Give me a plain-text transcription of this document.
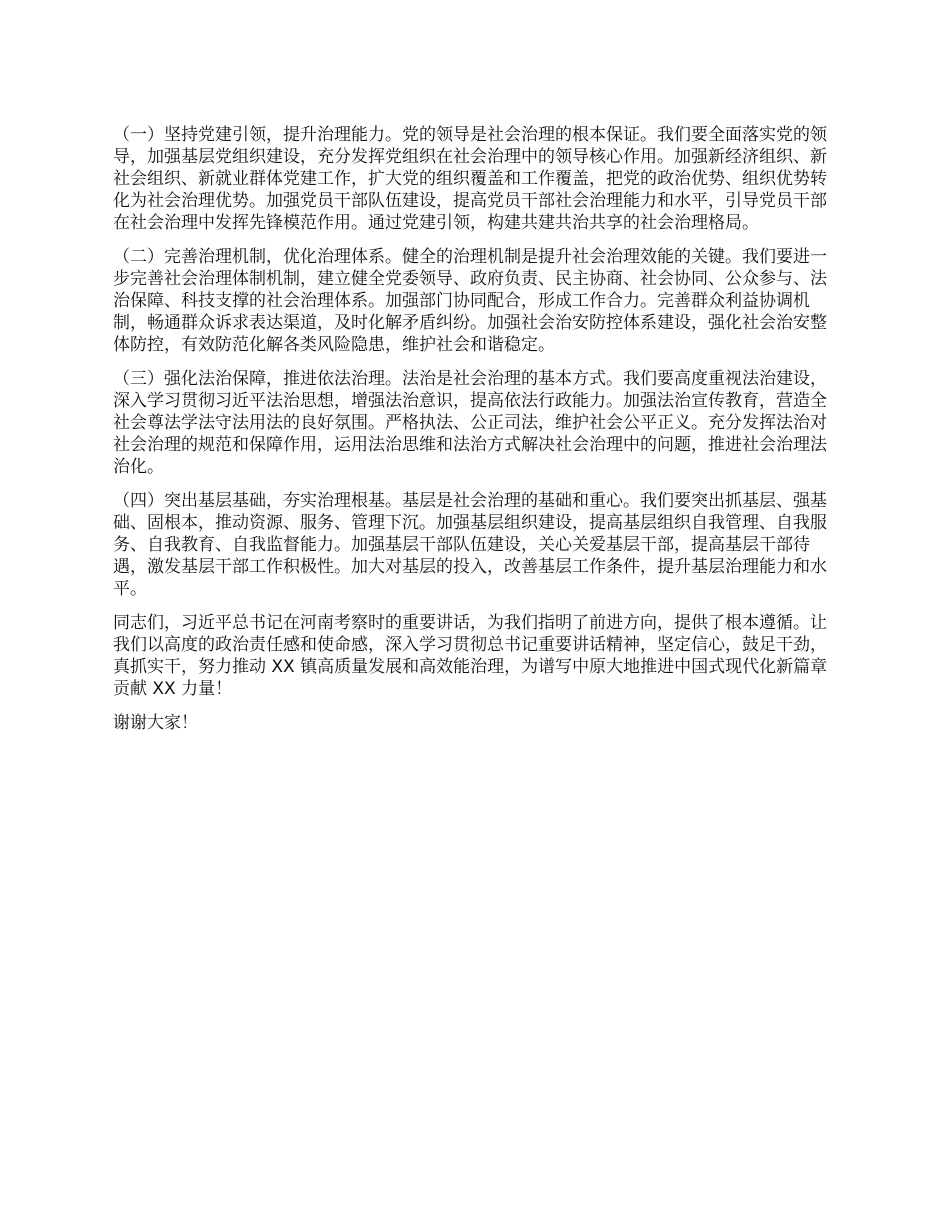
（一）坚持党建引领，提升治理能力。党的领导是社会治理的根本保证。我们要全面落实党的领导，加强基层党组织建设，充分发挥党组织在社会治理中的领导核心作用。加强新经济组织、新社会组织、新就业群体党建工作，扩大党的组织覆盖和工作覆盖，把党的政治优势、组织优势转化为社会治理优势。加强党员干部队伍建设，提高党员干部社会治理能力和水平，引导党员干部在社会治理中发挥先锋模范作用。通过党建引领，构建共建共治共享的社会治理格局。

（二）完善治理机制，优化治理体系。健全的治理机制是提升社会治理效能的关键。我们要进一步完善社会治理体制机制，建立健全党委领导、政府负责、民主协商、社会协同、公众参与、法治保障、科技支撑的社会治理体系。加强部门协同配合，形成工作合力。完善群众利益协调机制，畅通群众诉求表达渠道，及时化解矛盾纠纷。加强社会治安防控体系建设，强化社会治安整体防控，有效防范化解各类风险隐患，维护社会和谐稳定。

（三）强化法治保障，推进依法治理。法治是社会治理的基本方式。我们要高度重视法治建设，深入学习贯彻习近平法治思想，增强法治意识，提高依法行政能力。加强法治宣传教育，营造全社会尊法学法守法用法的良好氛围。严格执法、公正司法，维护社会公平正义。充分发挥法治对社会治理的规范和保障作用，运用法治思维和法治方式解决社会治理中的问题，推进社会治理法治化。

（四）突出基层基础，夯实治理根基。基层是社会治理的基础和重心。我们要突出抓基层、强基础、固根本，推动资源、服务、管理下沉。加强基层组织建设，提高基层组织自我管理、自我服务、自我教育、自我监督能力。加强基层干部队伍建设，关心关爱基层干部，提高基层干部待遇，激发基层干部工作积极性。加大对基层的投入，改善基层工作条件，提升基层治理能力和水平。

同志们，习近平总书记在河南考察时的重要讲话，为我们指明了前进方向，提供了根本遵循。让我们以高度的政治责任感和使命感，深入学习贯彻总书记重要讲话精神，坚定信心，鼓足干劲，真抓实干，努力推动 XX 镇高质量发展和高效能治理，为谱写中原大地推进中国式现代化新篇章贡献 XX 力量！

谢谢大家！
